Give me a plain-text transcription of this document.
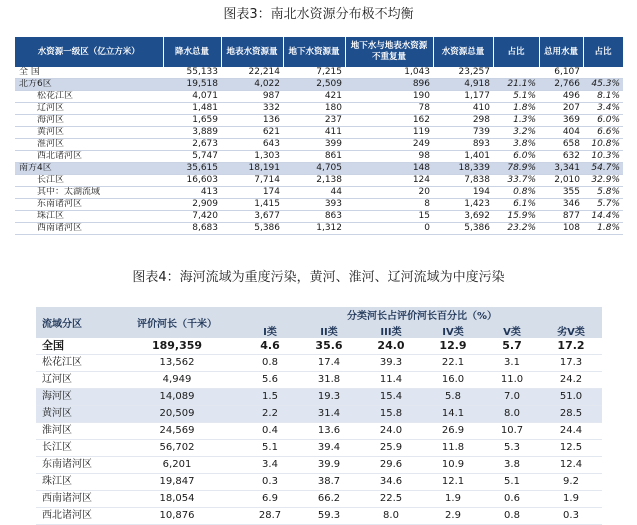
图表3：南北水资源分布极不均衡
水资源一级区（亿立方米）	降水总量	地表水资源量	地下水资源量	地下水与地表水资源不重复量	水资源总量	占比	总用水量	占比
全 国	55,133	22,214	7,215	1,043	23,257		6,107	
北方6区	19,518	4,022	2,509	896	4,918	21.1%	2,766	45.3%
松花江区	4,071	987	421	190	1,177	5.1%	496	8.1%
辽河区	1,481	332	180	78	410	1.8%	207	3.4%
海河区	1,659	136	237	162	298	1.3%	369	6.0%
黄河区	3,889	621	411	119	739	3.2%	404	6.6%
淮河区	2,673	643	399	249	893	3.8%	658	10.8%
西北诸河区	5,747	1,303	861	98	1,401	6.0%	632	10.3%
南方4区	35,615	18,191	4,705	148	18,339	78.9%	3,341	54.7%
长江区	16,603	7,714	2,138	124	7,838	33.7%	2,010	32.9%
其中：太湖流域	413	174	44	20	194	0.8%	355	5.8%
东南诸河区	2,909	1,415	393	8	1,423	6.1%	346	5.7%
珠江区	7,420	3,677	863	15	3,692	15.9%	877	14.4%
西南诸河区	8,683	5,386	1,312	0	5,386	23.2%	108	1.8%
图表4：海河流域为重度污染，黄河、淮河、辽河流域为中度污染
流域分区	评价河长（千米）	分类河长占评价河长百分比（%）					
		I类	II类	III类	IV类	V类	劣V类
全国	189,359	4.6	35.6	24.0	12.9	5.7	17.2
松花江区	13,562	0.8	17.4	39.3	22.1	3.1	17.3
辽河区	4,949	5.6	31.8	11.4	16.0	11.0	24.2
海河区	14,089	1.5	19.3	15.4	5.8	7.0	51.0
黄河区	20,509	2.2	31.4	15.8	14.1	8.0	28.5
淮河区	24,569	0.4	13.6	24.0	26.9	10.7	24.4
长江区	56,702	5.1	39.4	25.9	11.8	5.3	12.5
东南诸河区	6,201	3.4	39.9	29.6	10.9	3.8	12.4
珠江区	19,847	0.3	38.7	34.6	12.1	5.1	9.2
西南诸河区	18,054	6.9	66.2	22.5	1.9	0.6	1.9
西北诸河区	10,876	28.7	59.3	8.0	2.9	0.8	0.3
